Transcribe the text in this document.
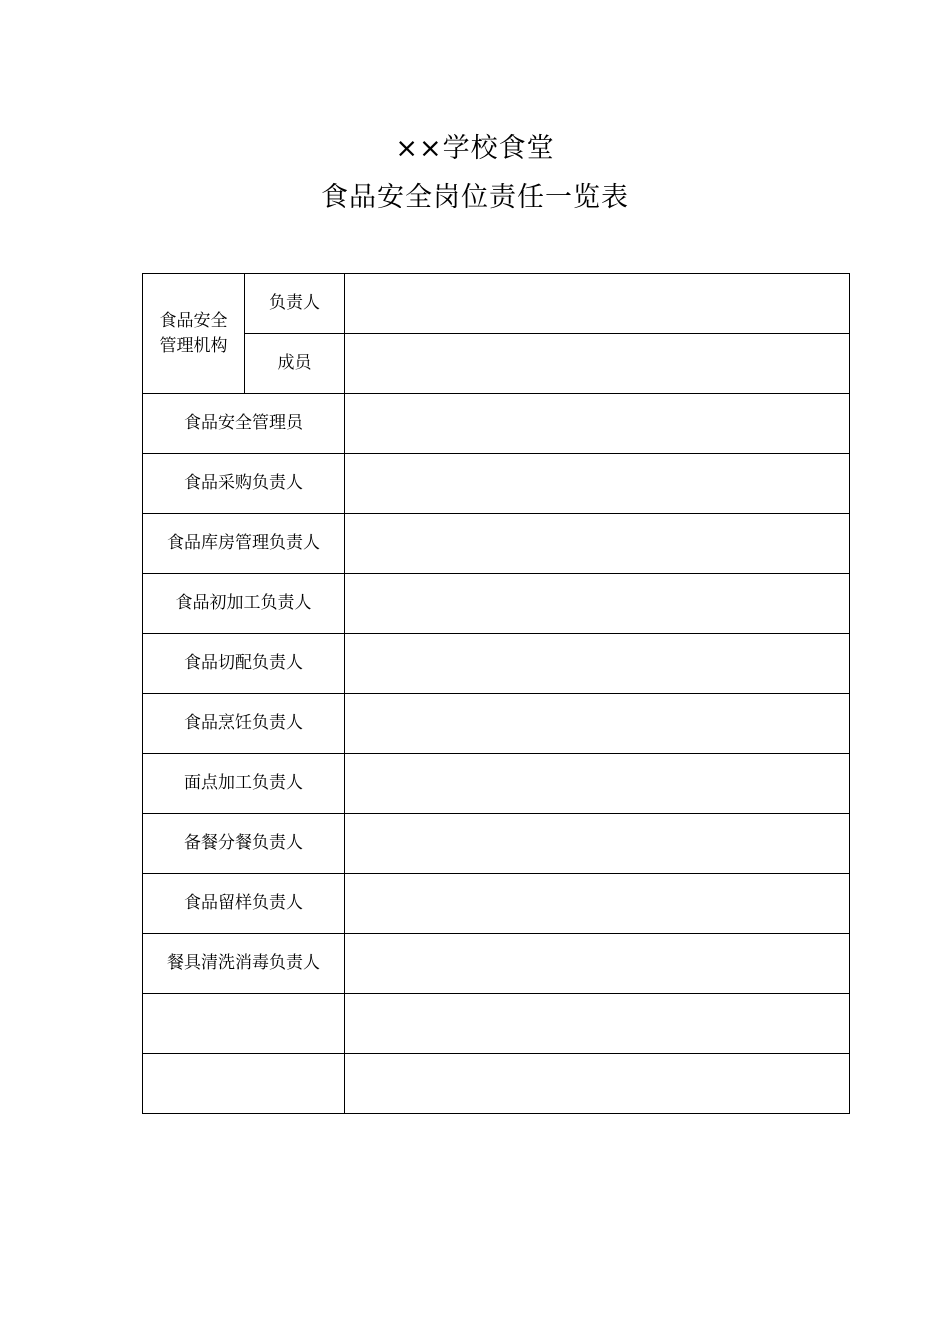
××学校食堂
食品安全岗位责任一览表
食品安全
管理机构	负责人	
	成员	
食品安全管理员		
食品采购负责人		
食品库房管理负责人		
食品初加工负责人		
食品切配负责人		
食品烹饪负责人		
面点加工负责人		
备餐分餐负责人		
食品留样负责人		
餐具清洗消毒负责人		
